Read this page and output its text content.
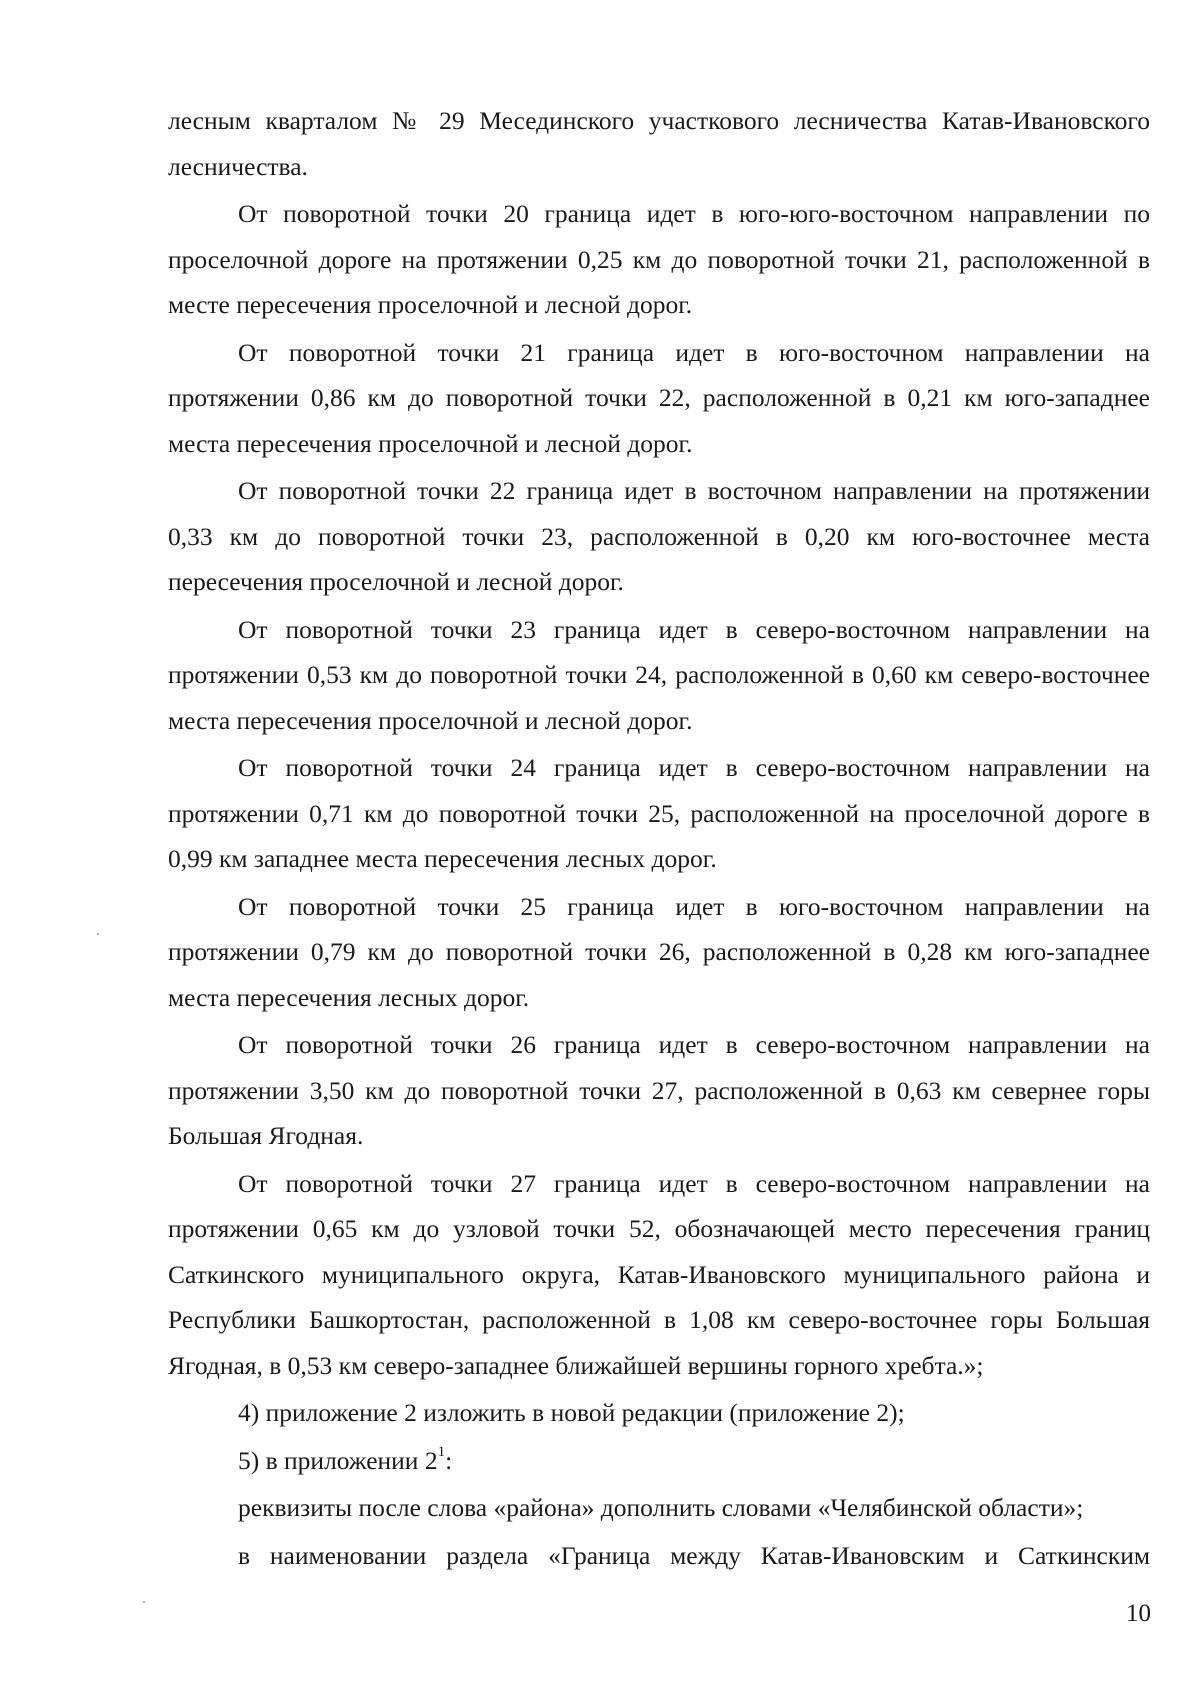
лесным кварталом № 29 Месединского участкового лесничества Катав-Ивановского лесничества.

От поворотной точки 20 граница идет в юго-юго-восточном направлении по проселочной дороге на протяжении 0,25 км до поворотной точки 21, расположенной в месте пересечения проселочной и лесной дорог.

От поворотной точки 21 граница идет в юго-восточном направлении на протяжении 0,86 км до поворотной точки 22, расположенной в 0,21 км юго-западнее места пересечения проселочной и лесной дорог.

От поворотной точки 22 граница идет в восточном направлении на протяжении 0,33 км до поворотной точки 23, расположенной в 0,20 км юго-восточнее места пересечения проселочной и лесной дорог.

От поворотной точки 23 граница идет в северо-восточном направлении на протяжении 0,53 км до поворотной точки 24, расположенной в 0,60 км северо-восточнее места пересечения проселочной и лесной дорог.

От поворотной точки 24 граница идет в северо-восточном направлении на протяжении 0,71 км до поворотной точки 25, расположенной на проселочной дороге в 0,99 км западнее места пересечения лесных дорог.

От поворотной точки 25 граница идет в юго-восточном направлении на протяжении 0,79 км до поворотной точки 26, расположенной в 0,28 км юго-западнее места пересечения лесных дорог.

От поворотной точки 26 граница идет в северо-восточном направлении на протяжении 3,50 км до поворотной точки 27, расположенной в 0,63 км севернее горы Большая Ягодная.

От поворотной точки 27 граница идет в северо-восточном направлении на протяжении 0,65 км до узловой точки 52, обозначающей место пересечения границ Саткинского муниципального округа, Катав-Ивановского муниципального района и Республики Башкортостан, расположенной в 1,08 км северо-восточнее горы Большая Ягодная, в 0,53 км северо-западнее ближайшей вершины горного хребта.»;

4) приложение 2 изложить в новой редакции (приложение 2);

5) в приложении $2^1$:

реквизиты после слова «района» дополнить словами «Челябинской области»;

в наименовании раздела «Граница между Катав-Ивановским и Саткинским

10
